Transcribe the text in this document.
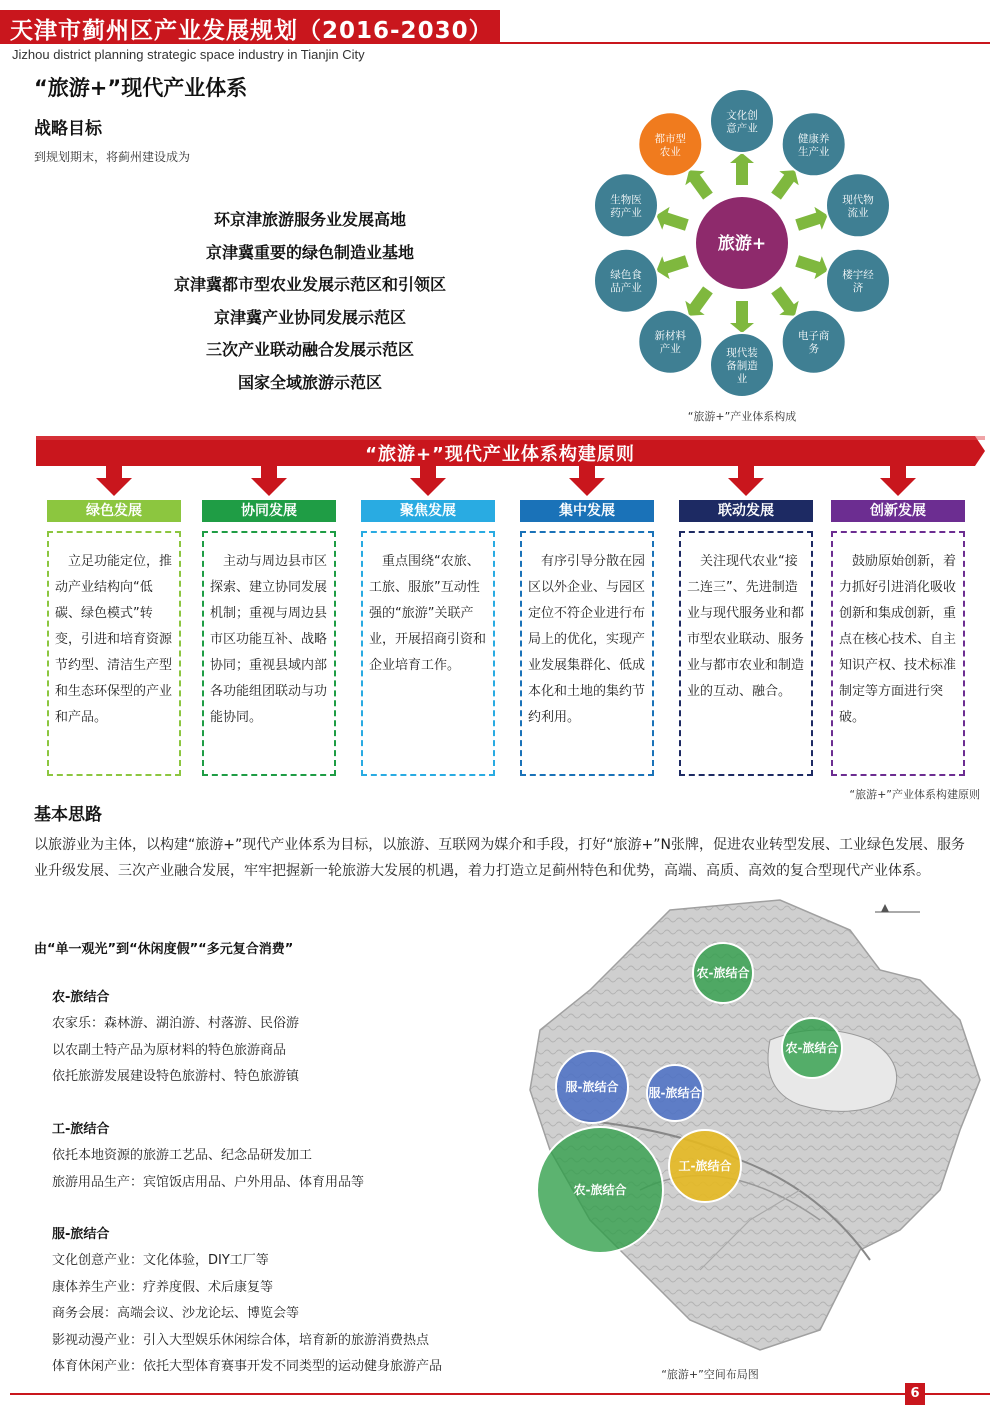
天津市蓟州区产业发展规划（2016-2030）
Jizhou district planning strategic space industry in Tianjin City
“旅游+”现代产业体系
战略目标
到规划期末，将蓟州建设成为
环京津旅游服务业发展高地
京津冀重要的绿色制造业基地
京津冀都市型农业发展示范区和引领区
京津冀产业协同发展示范区
三次产业联动融合发展示范区
国家全域旅游示范区
旅游+
文化创
意产业
健康养
生产业
现代物
流业
楼宇经
济
电子商
务
现代装
备制造
业
新材料
产业
绿色食
品产业
生物医
药产业
都市型
农业
“旅游+”产业体系构成
“旅游+”现代产业体系构建原则
绿色发展
　立足功能定位，推动产业结构向“低碳、绿色模式”转变，引进和培育资源节约型、清洁生产型和生态环保型的产业和产品。
协同发展
　主动与周边县市区探索、建立协同发展机制；重视与周边县市区功能互补、战略协同；重视县域内部各功能组团联动与功能协同。
聚焦发展
　重点围绕“农旅、工旅、服旅”互动性强的“旅游”关联产业，开展招商引资和企业培育工作。
集中发展
　有序引导分散在园区以外企业、与园区定位不符企业进行布局上的优化，实现产业发展集群化、低成本化和土地的集约节约利用。
联动发展
　关注现代农业“接二连三”、先进制造业与现代服务业和都市型农业联动、服务业与都市农业和制造业的互动、融合。
创新发展
　鼓励原始创新，着力抓好引进消化吸收创新和集成创新，重点在核心技术、自主知识产权、技术标准制定等方面进行突破。
“旅游+”产业体系构建原则
基本思路
以旅游业为主体，以构建“旅游+”现代产业体系为目标，以旅游、互联网为媒介和手段，打好“旅游+”N张牌，促进农业转型发展、工业绿色发展、服务业升级发展、三次产业融合发展，牢牢把握新一轮旅游大发展的机遇，着力打造立足蓟州特色和优势，高端、高质、高效的复合型现代产业体系。
由“单一观光”到“休闲度假”“多元复合消费”
农-旅结合
农家乐：森林游、湖泊游、村落游、民俗游
以农副土特产品为原材料的特色旅游商品
依托旅游发展建设特色旅游村、特色旅游镇
工-旅结合
依托本地资源的旅游工艺品、纪念品研发加工
旅游用品生产：宾馆饭店用品、户外用品、体育用品等
服-旅结合
文化创意产业：文化体验，DIY工厂等
康体养生产业：疗养度假、术后康复等
商务会展：高端会议、沙龙论坛、博览会等
影视动漫产业：引入大型娱乐休闲综合体，培育新的旅游消费热点
体育休闲产业：依托大型体育赛事开发不同类型的运动健身旅游产品
农-旅结合
农-旅结合
服-旅结合	服-旅结合
工-旅结合
农-旅结合
“旅游+”空间布局图
6
